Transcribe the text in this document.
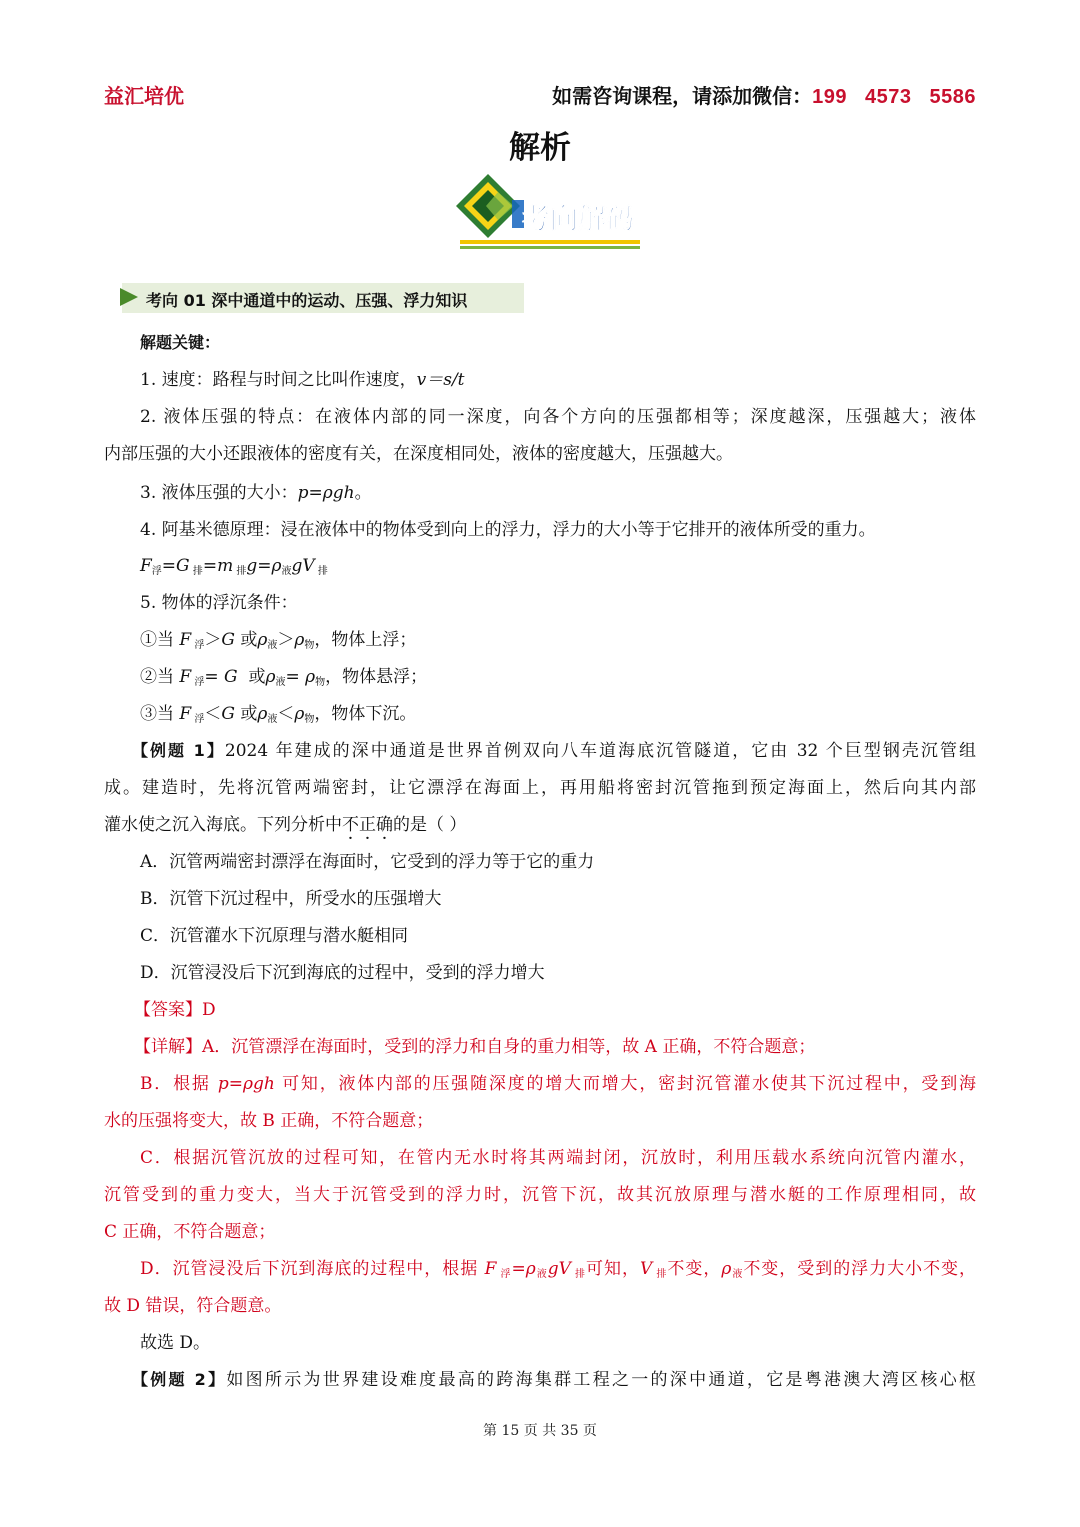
益汇培优	如需咨询课程，请添加微信：199 4573 5586
解析
考向解码
考向 01 深中通道中的运动、压强、浮力知识
解题关键：
1. 速度：路程与时间之比叫作速度，v＝s/t
2. 液体压强的特点：在液体内部的同一深度，向各个方向的压强都相等；深度越深，压强越大；液体
内部压强的大小还跟液体的密度有关，在深度相同处，液体的密度越大，压强越大。
3. 液体压强的大小：p=ρgh。
4. 阿基米德原理：浸在液体中的物体受到向上的浮力，浮力的大小等于它排开的液体所受的重力。
$F_浮=G$ $_排$=m $_排g=\rho_液gV$ $_排$
5. 物体的浮沉条件：
①当 F $_浮$＞G 或$\rho_液>\rho_物$，物体上浮；
②当 F $_浮$= G  或$\rho_液= \rho_物$，物体悬浮；
③当 F $_浮$＜G 或$\rho_液<\rho_物$，物体下沉。
【例题 1】2024 年建成的深中通道是世界首例双向八车道海底沉管隧道，它由 32 个巨型钢壳沉管组
成。建造时，先将沉管两端密封，让它漂浮在海面上，再用船将密封沉管拖到预定海面上，然后向其内部
灌水使之沉入海底。下列分析中不正确的是（ ）
A．沉管两端密封漂浮在海面时，它受到的浮力等于它的重力
B．沉管下沉过程中，所受水的压强增大
C．沉管灌水下沉原理与潜水艇相同
D．沉管浸没后下沉到海底的过程中，受到的浮力增大
【答案】D
【详解】A．沉管漂浮在海面时，受到的浮力和自身的重力相等，故 A 正确，不符合题意；
B．根据 p=ρgh 可知，液体内部的压强随深度的增大而增大，密封沉管灌水使其下沉过程中，受到海
水的压强将变大，故 B 正确，不符合题意；
C．根据沉管沉放的过程可知，在管内无水时将其两端封闭，沉放时，利用压载水系统向沉管内灌水，
沉管受到的重力变大，当大于沉管受到的浮力时，沉管下沉，故其沉放原理与潜水艇的工作原理相同，故
C 正确，不符合题意；
D．沉管浸没后下沉到海底的过程中，根据 F $_浮=\rho_液gV$ $_排$可知，V $_排$不变，$\rho_液$不变，受到的浮力大小不变，
故 D 错误，符合题意。
故选 D。
【例题 2】如图所示为世界建设难度最高的跨海集群工程之一的深中通道，它是粤港澳大湾区核心枢
第 15 页 共 35 页
